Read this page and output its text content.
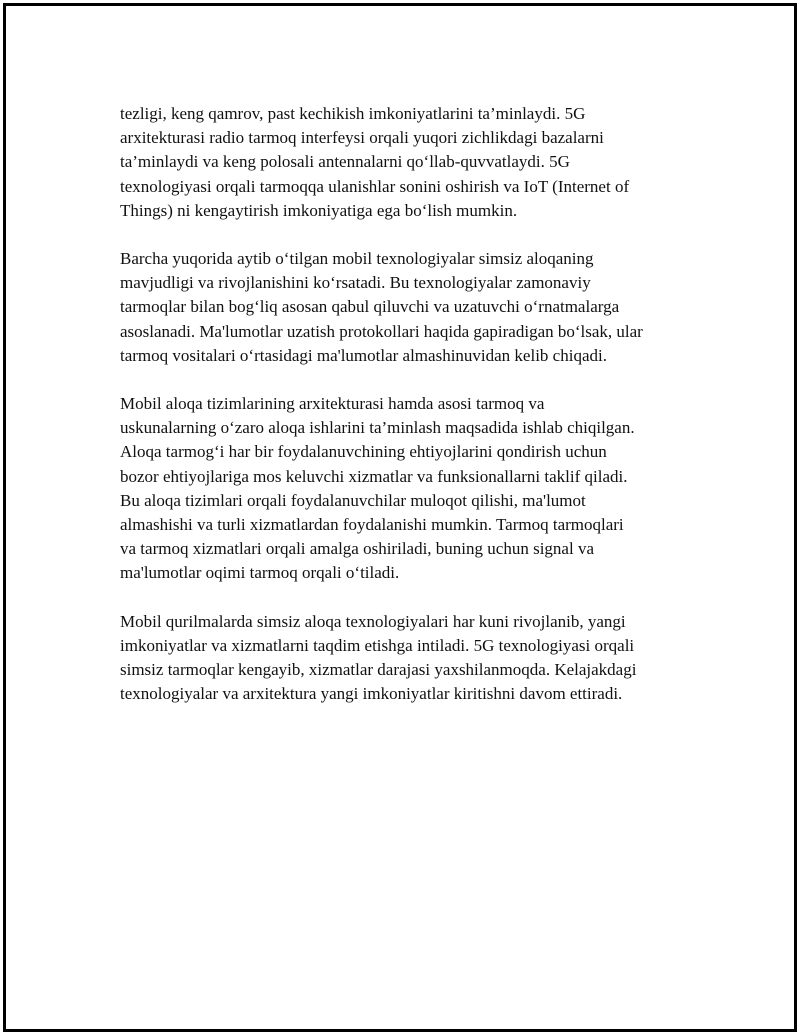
tezligi, keng qamrov, past kechikish imkoniyatlarini ta’minlaydi. 5G
arxitekturasi radio tarmoq interfeysi orqali yuqori zichlikdagi bazalarni
ta’minlaydi va keng polosali antennalarni qo‘llab-quvvatlaydi. 5G
texnologiyasi orqali tarmoqqa ulanishlar sonini oshirish va IoT (Internet of
Things) ni kengaytirish imkoniyatiga ega bo‘lish mumkin.

Barcha yuqorida aytib o‘tilgan mobil texnologiyalar simsiz aloqaning
mavjudligi va rivojlanishini ko‘rsatadi. Bu texnologiyalar zamonaviy
tarmoqlar bilan bog‘liq asosan qabul qiluvchi va uzatuvchi o‘rnatmalarga
asoslanadi. Ma'lumotlar uzatish protokollari haqida gapiradigan bo‘lsak, ular
tarmoq vositalari o‘rtasidagi ma'lumotlar almashinuvidan kelib chiqadi.

Mobil aloqa tizimlarining arxitekturasi hamda asosi tarmoq va
uskunalarning o‘zaro aloqa ishlarini ta’minlash maqsadida ishlab chiqilgan.
Aloqa tarmog‘i har bir foydalanuvchining ehtiyojlarini qondirish uchun
bozor ehtiyojlariga mos keluvchi xizmatlar va funksionallarni taklif qiladi.
Bu aloqa tizimlari orqali foydalanuvchilar muloqot qilishi, ma'lumot
almashishi va turli xizmatlardan foydalanishi mumkin. Tarmoq tarmoqlari
va tarmoq xizmatlari orqali amalga oshiriladi, buning uchun signal va
ma'lumotlar oqimi tarmoq orqali o‘tiladi.

Mobil qurilmalarda simsiz aloqa texnologiyalari har kuni rivojlanib, yangi
imkoniyatlar va xizmatlarni taqdim etishga intiladi. 5G texnologiyasi orqali
simsiz tarmoqlar kengayib, xizmatlar darajasi yaxshilanmoqda. Kelajakdagi
texnologiyalar va arxitektura yangi imkoniyatlar kiritishni davom ettiradi.
